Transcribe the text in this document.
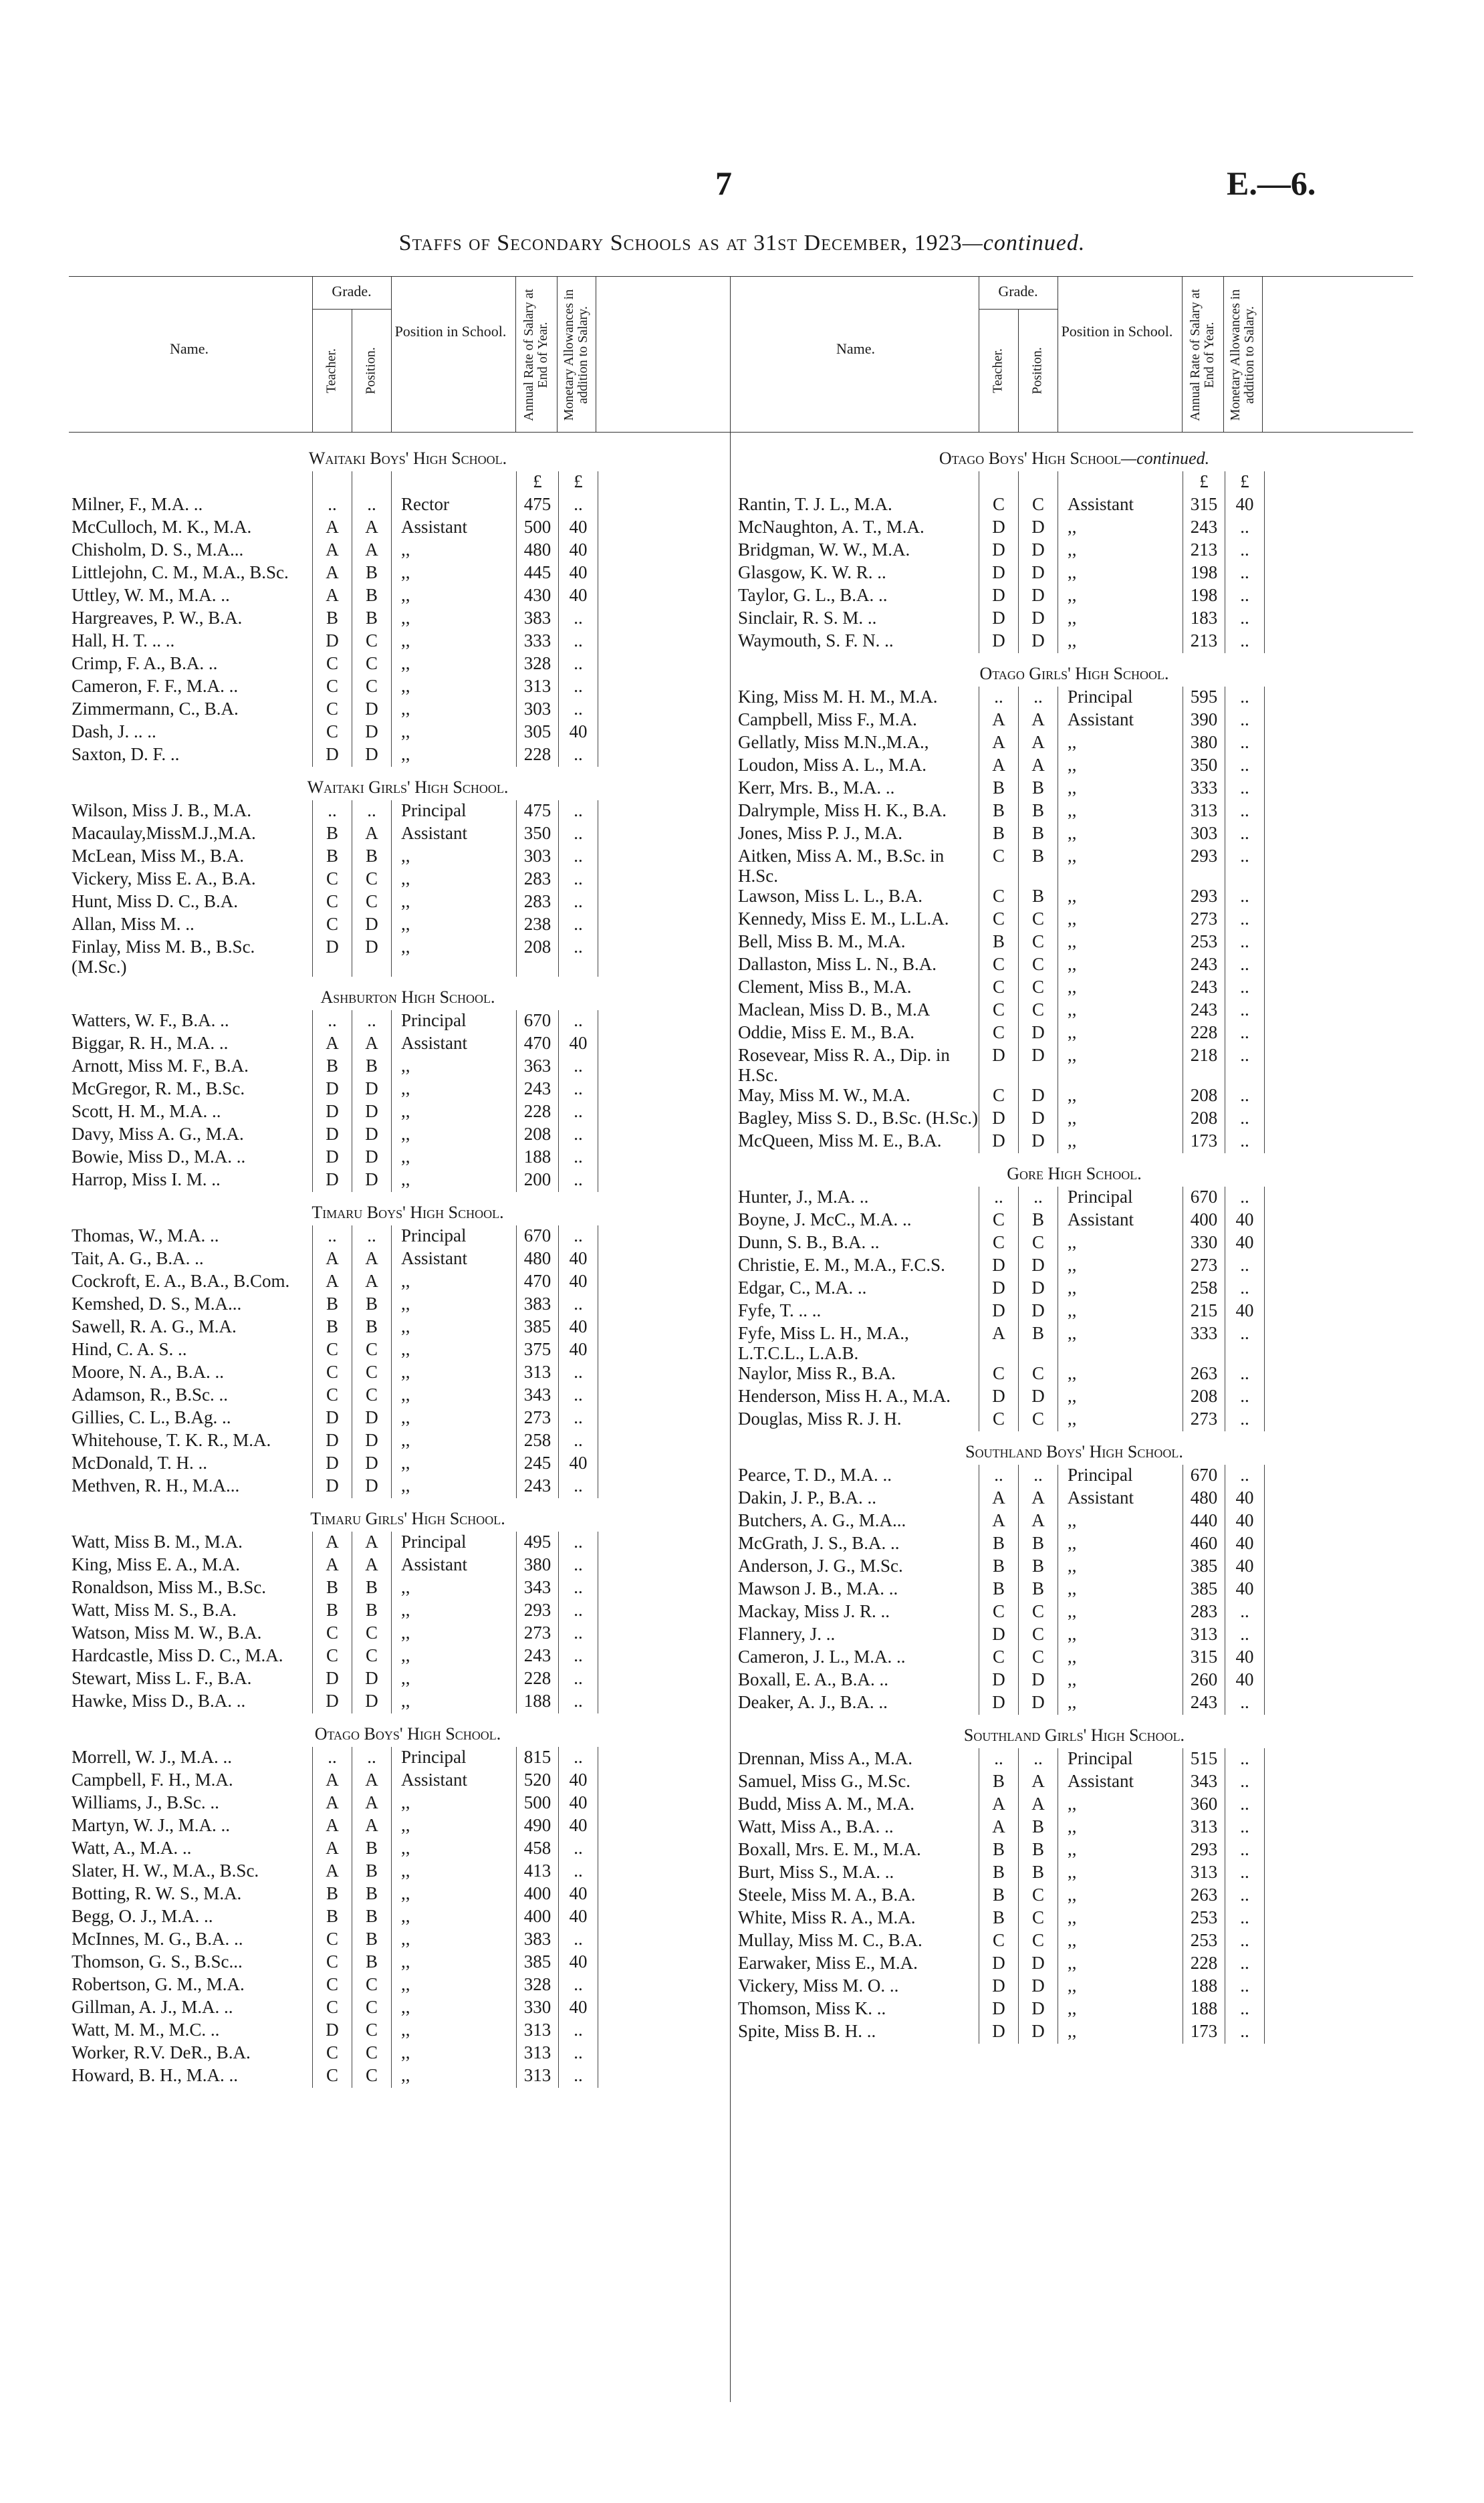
7	E.—6.
Staffs of Secondary Schools as at 31st December, 1923—continued.
Name.
Grade.
Teacher. Position.
Position in School. Annual Rate of Salary at End of Year. Monetary Allowances in addition to Salary.
Waitaki Boys' High School.
				£	£	
Milner, F., M.A. ..	..	..	Rector	475	..	
McCulloch, M. K., M.A.	A	A	Assistant	500	40	
Chisholm, D. S., M.A...	A	A	,,	480	40	
Littlejohn, C. M., M.A., B.Sc.	A	B	,,	445	40	
Uttley, W. M., M.A. ..	A	B	,,	430	40	
Hargreaves, P. W., B.A.	B	B	,,	383	..	
Hall, H. T. .. ..	D	C	,,	333	..	
Crimp, F. A., B.A. ..	C	C	,,	328	..	
Cameron, F. F., M.A. ..	C	C	,,	313	..	
Zimmermann, C., B.A.	C	D	,,	303	..	
Dash, J. .. ..	C	D	,,	305	40	
Saxton, D. F. ..	D	D	,,	228	..	
Waitaki Girls' High School.
Wilson, Miss J. B., M.A.	..	..	Principal	475	..	
Macaulay,MissM.J.,M.A.	B	A	Assistant	350	..	
McLean, Miss M., B.A.	B	B	,,	303	..	
Vickery, Miss E. A., B.A.	C	C	,,	283	..	
Hunt, Miss D. C., B.A.	C	C	,,	283	..	
Allan, Miss M. ..	C	D	,,	238	..	
Finlay, Miss M. B., B.Sc. (M.Sc.)	D	D	,,	208	..	
Ashburton High School.
Watters, W. F., B.A. ..	..	..	Principal	670	..	
Biggar, R. H., M.A. ..	A	A	Assistant	470	40	
Arnott, Miss M. F., B.A.	B	B	,,	363	..	
McGregor, R. M., B.Sc.	D	D	,,	243	..	
Scott, H. M., M.A. ..	D	D	,,	228	..	
Davy, Miss A. G., M.A.	D	D	,,	208	..	
Bowie, Miss D., M.A. ..	D	D	,,	188	..	
Harrop, Miss I. M. ..	D	D	,,	200	..	
Timaru Boys' High School.
Thomas, W., M.A. ..	..	..	Principal	670	..	
Tait, A. G., B.A. ..	A	A	Assistant	480	40	
Cockroft, E. A., B.A., B.Com.	A	A	,,	470	40	
Kemshed, D. S., M.A...	B	B	,,	383	..	
Sawell, R. A. G., M.A.	B	B	,,	385	40	
Hind, C. A. S. ..	C	C	,,	375	40	
Moore, N. A., B.A. ..	C	C	,,	313	..	
Adamson, R., B.Sc. ..	C	C	,,	343	..	
Gillies, C. L., B.Ag. ..	D	D	,,	273	..	
Whitehouse, T. K. R., M.A.	D	D	,,	258	..	
McDonald, T. H. ..	D	D	,,	245	40	
Methven, R. H., M.A...	D	D	,,	243	..	
Timaru Girls' High School.
Watt, Miss B. M., M.A.	A	A	Principal	495	..	
King, Miss E. A., M.A.	A	A	Assistant	380	..	
Ronaldson, Miss M., B.Sc.	B	B	,,	343	..	
Watt, Miss M. S., B.A.	B	B	,,	293	..	
Watson, Miss M. W., B.A.	C	C	,,	273	..	
Hardcastle, Miss D. C., M.A.	C	C	,,	243	..	
Stewart, Miss L. F., B.A.	D	D	,,	228	..	
Hawke, Miss D., B.A. ..	D	D	,,	188	..	
Otago Boys' High School.
Morrell, W. J., M.A. ..	..	..	Principal	815	..	
Campbell, F. H., M.A.	A	A	Assistant	520	40	
Williams, J., B.Sc. ..	A	A	,,	500	40	
Martyn, W. J., M.A. ..	A	A	,,	490	40	
Watt, A., M.A. ..	A	B	,,	458	..	
Slater, H. W., M.A., B.Sc.	A	B	,,	413	..	
Botting, R. W. S., M.A.	B	B	,,	400	40	
Begg, O. J., M.A. ..	B	B	,,	400	40	
McInnes, M. G., B.A. ..	C	B	,,	383	..	
Thomson, G. S., B.Sc...	C	B	,,	385	40	
Robertson, G. M., M.A.	C	C	,,	328	..	
Gillman, A. J., M.A. ..	C	C	,,	330	40	
Watt, M. M., M.C. ..	D	C	,,	313	..	
Worker, R.V. DeR., B.A.	C	C	,,	313	..	
Howard, B. H., M.A. ..	C	C	,,	313	..	
Name.
Grade.
Teacher. Position.
Position in School. Annual Rate of Salary at End of Year. Monetary Allowances in addition to Salary.
Otago Boys' High School—continued.
				£	£	
Rantin, T. J. L., M.A.	C	C	Assistant	315	40	
McNaughton, A. T., M.A.	D	D	,,	243	..	
Bridgman, W. W., M.A.	D	D	,,	213	..	
Glasgow, K. W. R. ..	D	D	,,	198	..	
Taylor, G. L., B.A. ..	D	D	,,	198	..	
Sinclair, R. S. M. ..	D	D	,,	183	..	
Waymouth, S. F. N. ..	D	D	,,	213	..	
Otago Girls' High School.
King, Miss M. H. M., M.A.	..	..	Principal	595	..	
Campbell, Miss F., M.A.	A	A	Assistant	390	..	
Gellatly, Miss M.N.,M.A.,	A	A	,,	380	..	
Loudon, Miss A. L., M.A.	A	A	,,	350	..	
Kerr, Mrs. B., M.A. ..	B	B	,,	333	..	
Dalrymple, Miss H. K., B.A.	B	B	,,	313	..	
Jones, Miss P. J., M.A.	B	B	,,	303	..	
Aitken, Miss A. M., B.Sc. in H.Sc.	C	B	,,	293	..	
Lawson, Miss L. L., B.A.	C	B	,,	293	..	
Kennedy, Miss E. M., L.L.A.	C	C	,,	273	..	
Bell, Miss B. M., M.A.	B	C	,,	253	..	
Dallaston, Miss L. N., B.A.	C	C	,,	243	..	
Clement, Miss B., M.A.	C	C	,,	243	..	
Maclean, Miss D. B., M.A	C	C	,,	243	..	
Oddie, Miss E. M., B.A.	C	D	,,	228	..	
Rosevear, Miss R. A., Dip. in H.Sc.	D	D	,,	218	..	
May, Miss M. W., M.A.	C	D	,,	208	..	
Bagley, Miss S. D., B.Sc. (H.Sc.)	D	D	,,	208	..	
McQueen, Miss M. E., B.A.	D	D	,,	173	..	
Gore High School.
Hunter, J., M.A. ..	..	..	Principal	670	..	
Boyne, J. McC., M.A. ..	C	B	Assistant	400	40	
Dunn, S. B., B.A. ..	C	C	,,	330	40	
Christie, E. M., M.A., F.C.S.	D	D	,,	273	..	
Edgar, C., M.A. ..	D	D	,,	258	..	
Fyfe, T. .. ..	D	D	,,	215	40	
Fyfe, Miss L. H., M.A., L.T.C.L., L.A.B.	A	B	,,	333	..	
Naylor, Miss R., B.A.	C	C	,,	263	..	
Henderson, Miss H. A., M.A.	D	D	,,	208	..	
Douglas, Miss R. J. H.	C	C	,,	273	..	
Southland Boys' High School.
Pearce, T. D., M.A. ..	..	..	Principal	670	..	
Dakin, J. P., B.A. ..	A	A	Assistant	480	40	
Butchers, A. G., M.A...	A	A	,,	440	40	
McGrath, J. S., B.A. ..	B	B	,,	460	40	
Anderson, J. G., M.Sc.	B	B	,,	385	40	
Mawson J. B., M.A. ..	B	B	,,	385	40	
Mackay, Miss J. R. ..	C	C	,,	283	..	
Flannery, J. ..	D	C	,,	313	..	
Cameron, J. L., M.A. ..	C	C	,,	315	40	
Boxall, E. A., B.A. ..	D	D	,,	260	40	
Deaker, A. J., B.A. ..	D	D	,,	243	..	
Southland Girls' High School.
Drennan, Miss A., M.A.	..	..	Principal	515	..	
Samuel, Miss G., M.Sc.	B	A	Assistant	343	..	
Budd, Miss A. M., M.A.	A	A	,,	360	..	
Watt, Miss A., B.A. ..	A	B	,,	313	..	
Boxall, Mrs. E. M., M.A.	B	B	,,	293	..	
Burt, Miss S., M.A. ..	B	B	,,	313	..	
Steele, Miss M. A., B.A.	B	C	,,	263	..	
White, Miss R. A., M.A.	B	C	,,	253	..	
Mullay, Miss M. C., B.A.	C	C	,,	253	..	
Earwaker, Miss E., M.A.	D	D	,,	228	..	
Vickery, Miss M. O. ..	D	D	,,	188	..	
Thomson, Miss K. ..	D	D	,,	188	..	
Spite, Miss B. H. ..	D	D	,,	173	..	
